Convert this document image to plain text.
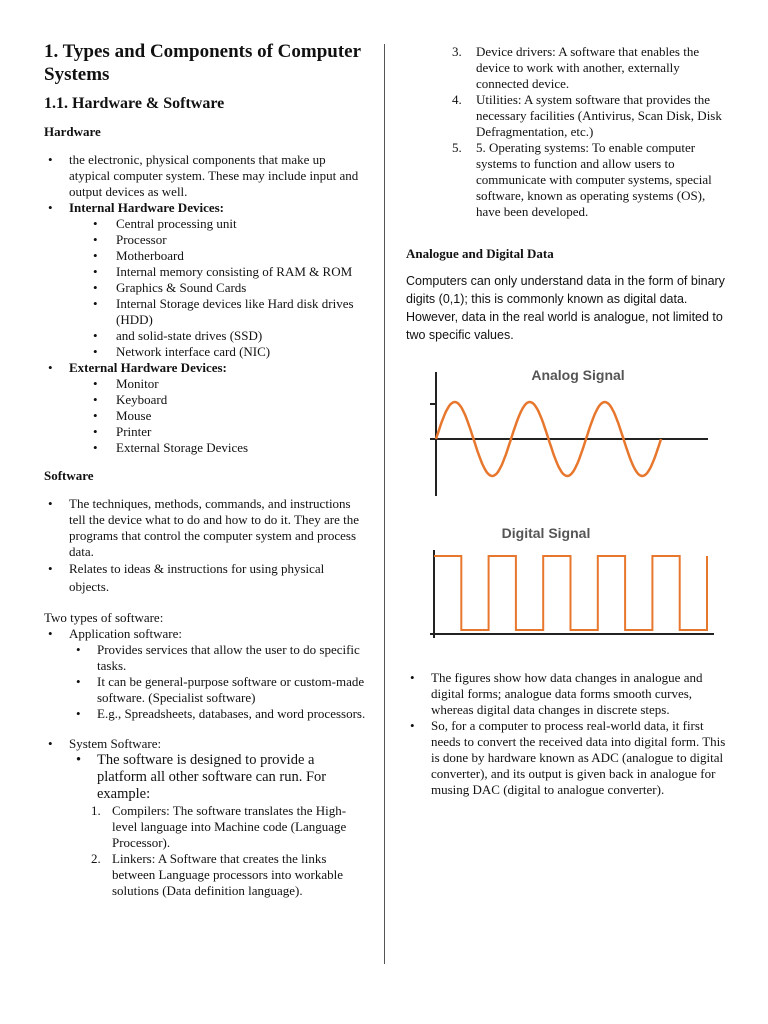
1. Types and Components of Computer Systems
1.1. Hardware & Software
Hardware
• the electronic, physical components that make up atypical computer system. These may include input and output devices as well.
• Internal Hardware Devices:
• Central processing unit
• Processor
• Motherboard
• Internal memory consisting of RAM & ROM
• Graphics & Sound Cards
• Internal Storage devices like Hard disk drives (HDD)
• and solid-state drives (SSD)
• Network interface card (NIC)
• External Hardware Devices:
• Monitor
• Keyboard
• Mouse
• Printer
• External Storage Devices
Software
• The techniques, methods, commands, and instructions tell the device what to do and how to do it. They are the programs that control the computer system and process data.
• Relates to ideas & instructions for using physical objects.
Two types of software:
• Application software:
• Provides services that allow the user to do specific tasks.
• It can be general-purpose software or custom-made software. (Specialist software)
• E.g., Spreadsheets, databases, and word processors.
• System Software:
• The software is designed to provide a platform all other software can run. For example:
1. Compilers: The software translates the High- level language into Machine code (Language Processor).
2. Linkers: A Software that creates the links between Language processors into workable solutions (Data definition language).
3. Device drivers: A software that enables the device to work with another, externally connected device.
4. Utilities: A system software that provides the necessary facilities (Antivirus, Scan Disk, Disk Defragmentation, etc.)
5. 5. Operating systems: To enable computer systems to function and allow users to communicate with computer systems, special software, known as operating systems (OS), have been developed.
Analogue and Digital Data
Computers can only understand data in the form of binary digits (0,1); this is commonly known as digital data. However, data in the real world is analogue, not limited to two specific values.
Analog Signal
Digital Signal
• The figures show how data changes in analogue and digital forms; analogue data forms smooth curves, whereas digital data changes in discrete steps.
• So, for a computer to process real-world data, it first needs to convert the received data into digital form. This is done by hardware known as ADC (analogue to digital converter), and its output is given back in analogue for musing DAC (digital to analogue converter).
